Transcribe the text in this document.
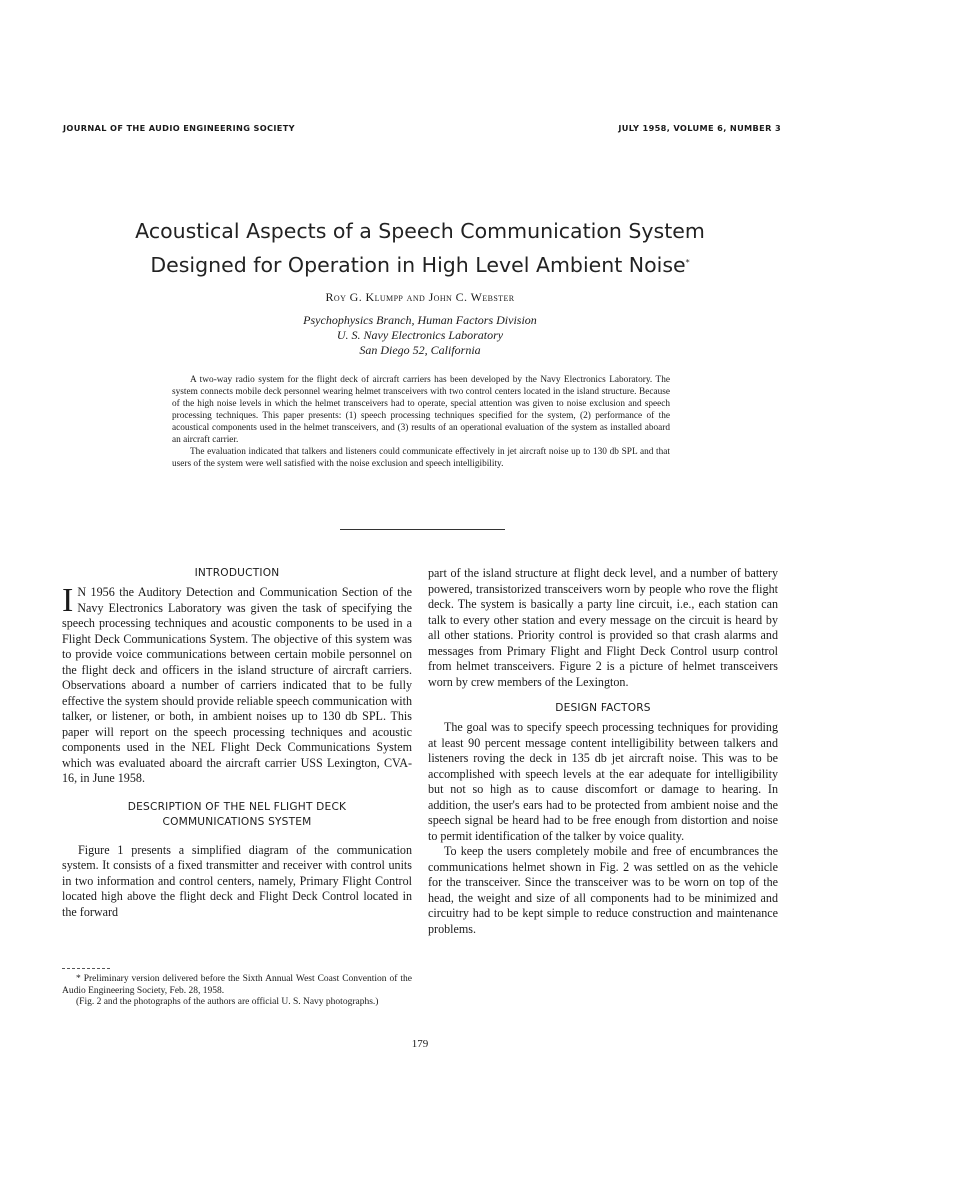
JOURNAL OF THE AUDIO ENGINEERING SOCIETY	JULY 1958, VOLUME 6, NUMBER 3
Acoustical Aspects of a Speech Communication System
Designed for Operation in High Level Ambient Noise*
Roy G. Klumpp and John C. Webster
Psychophysics Branch, Human Factors Division
U. S. Navy Electronics Laboratory
San Diego 52, California

A two-way radio system for the flight deck of aircraft carriers has been developed by the Navy Electronics Laboratory. The system connects mobile deck personnel wearing helmet transceivers with two control centers located in the island structure. Because of the high noise levels in which the helmet transceivers had to operate, special attention was given to noise exclusion and speech processing techniques. This paper presents: (1) speech processing techniques specified for the system, (2) performance of the acoustical components used in the helmet transceivers, and (3) results of an operational evaluation of the system as installed aboard an aircraft carrier.

The evaluation indicated that talkers and listeners could communicate effectively in jet aircraft noise up to 130 db SPL and that users of the system were well satisfied with the noise exclusion and speech intelligibility.

INTRODUCTION

I N 1956 the Auditory Detection and Communication Section of the Navy Electronics Laboratory was given the task of specifying the speech processing techniques and acoustic components to be used in a Flight Deck Communications System. The objective of this system was to provide voice communications between certain mobile personnel on the flight deck and officers in the island structure of aircraft carriers. Observations aboard a number of carriers indicated that to be fully effective the system should provide reliable speech communication with talker, or listener, or both, in ambient noises up to 130 db SPL. This paper will report on the speech processing techniques and acoustic components used in the NEL Flight Deck Communications System which was evaluated aboard the aircraft carrier USS Lexington, CVA-16, in June 1958.

DESCRIPTION OF THE NEL FLIGHT DECK
COMMUNICATIONS SYSTEM

Figure 1 presents a simplified diagram of the communication system. It consists of a fixed transmitter and receiver with control units in two information and control centers, namely, Primary Flight Control located high above the flight deck and Flight Deck Control located in the forward

part of the island structure at flight deck level, and a number of battery powered, transistorized transceivers worn by people who rove the flight deck. The system is basically a party line circuit, i.e., each station can talk to every other station and every message on the circuit is heard by all other stations. Priority control is provided so that crash alarms and messages from Primary Flight and Flight Deck Control usurp control from helmet transceivers. Figure 2 is a picture of helmet transceivers worn by crew members of the Lexington.

DESIGN FACTORS

The goal was to specify speech processing techniques for providing at least 90 percent message content intelligibility between talkers and listeners roving the deck in 135 db jet aircraft noise. This was to be accomplished with speech levels at the ear adequate for intelligibility but not so high as to cause discomfort or damage to hearing. In addition, the user's ears had to be protected from ambient noise and the speech signal be heard had to be free enough from distortion and noise to permit identification of the talker by voice quality.

To keep the users completely mobile and free of encumbrances the communications helmet shown in Fig. 2 was settled on as the vehicle for the transceiver. Since the transceiver was to be worn on top of the head, the weight and size of all components had to be minimized and circuitry had to be kept simple to reduce construction and maintenance problems.

* Preliminary version delivered before the Sixth Annual West Coast Convention of the Audio Engineering Society, Feb. 28, 1958.

(Fig. 2 and the photographs of the authors are official U. S. Navy photographs.)

179
